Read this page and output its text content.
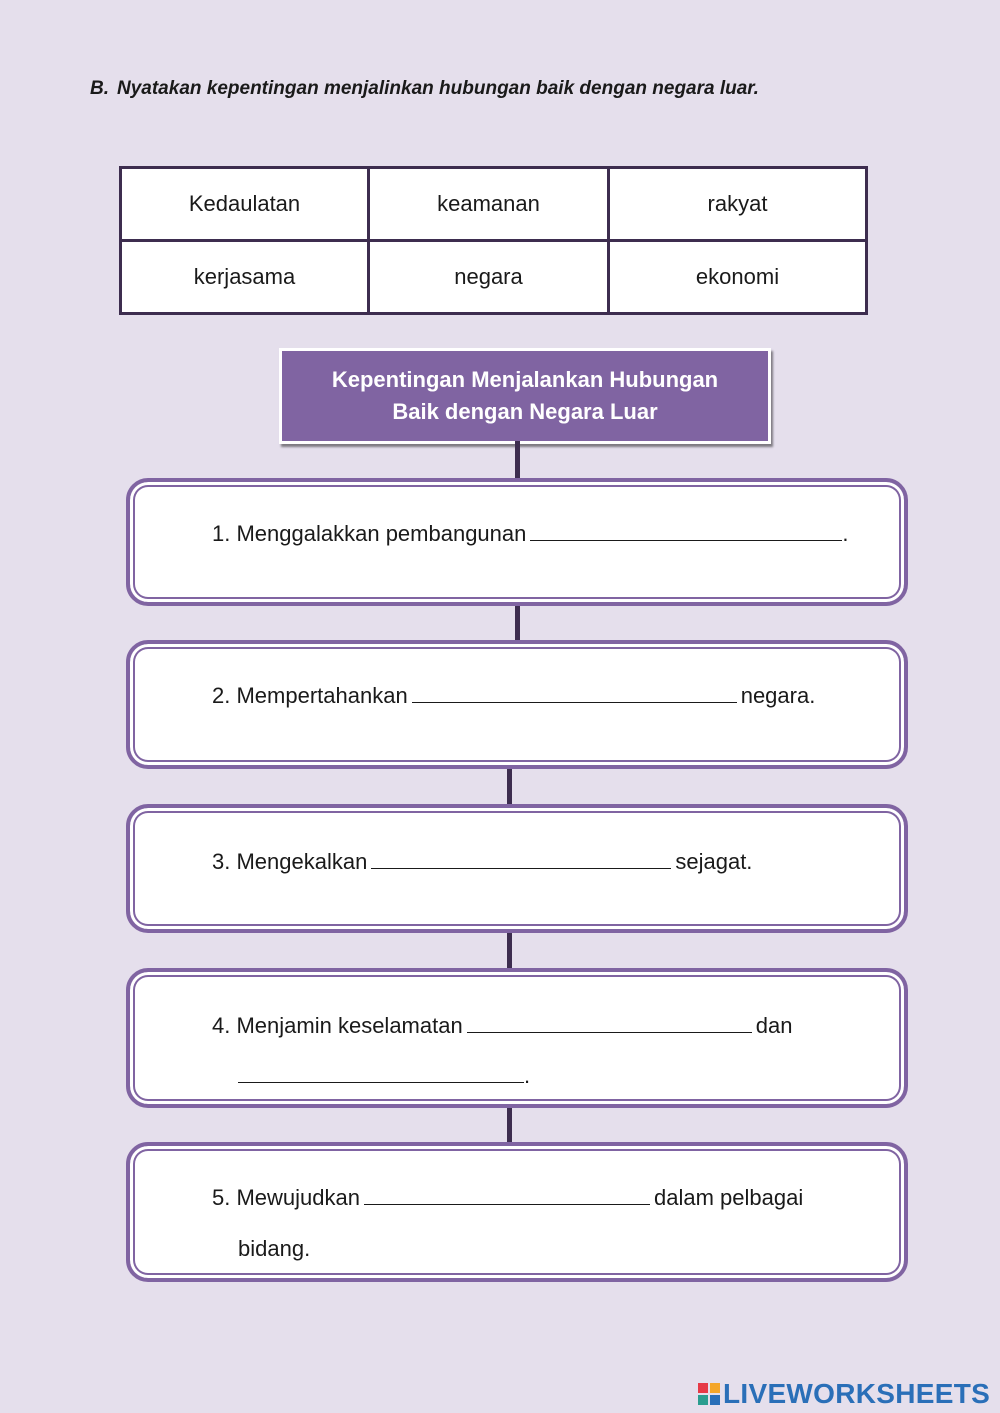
B. Nyatakan kepentingan menjalinkan hubungan baik dengan negara luar.
Kedaulatan	keamanan	rakyat
kerjasama	negara	ekonomi
Kepentingan Menjalankan Hubungan
Baik dengan Negara Luar
1. Menggalakkan pembangunan	.
2. Mempertahankan	negara.
3. Mengekalkan	sejagat.
4. Menjamin keselamatan	dan
.
5. Mewujudkan	dalam pelbagai
bidang.
LIVEWORKSHEETS
